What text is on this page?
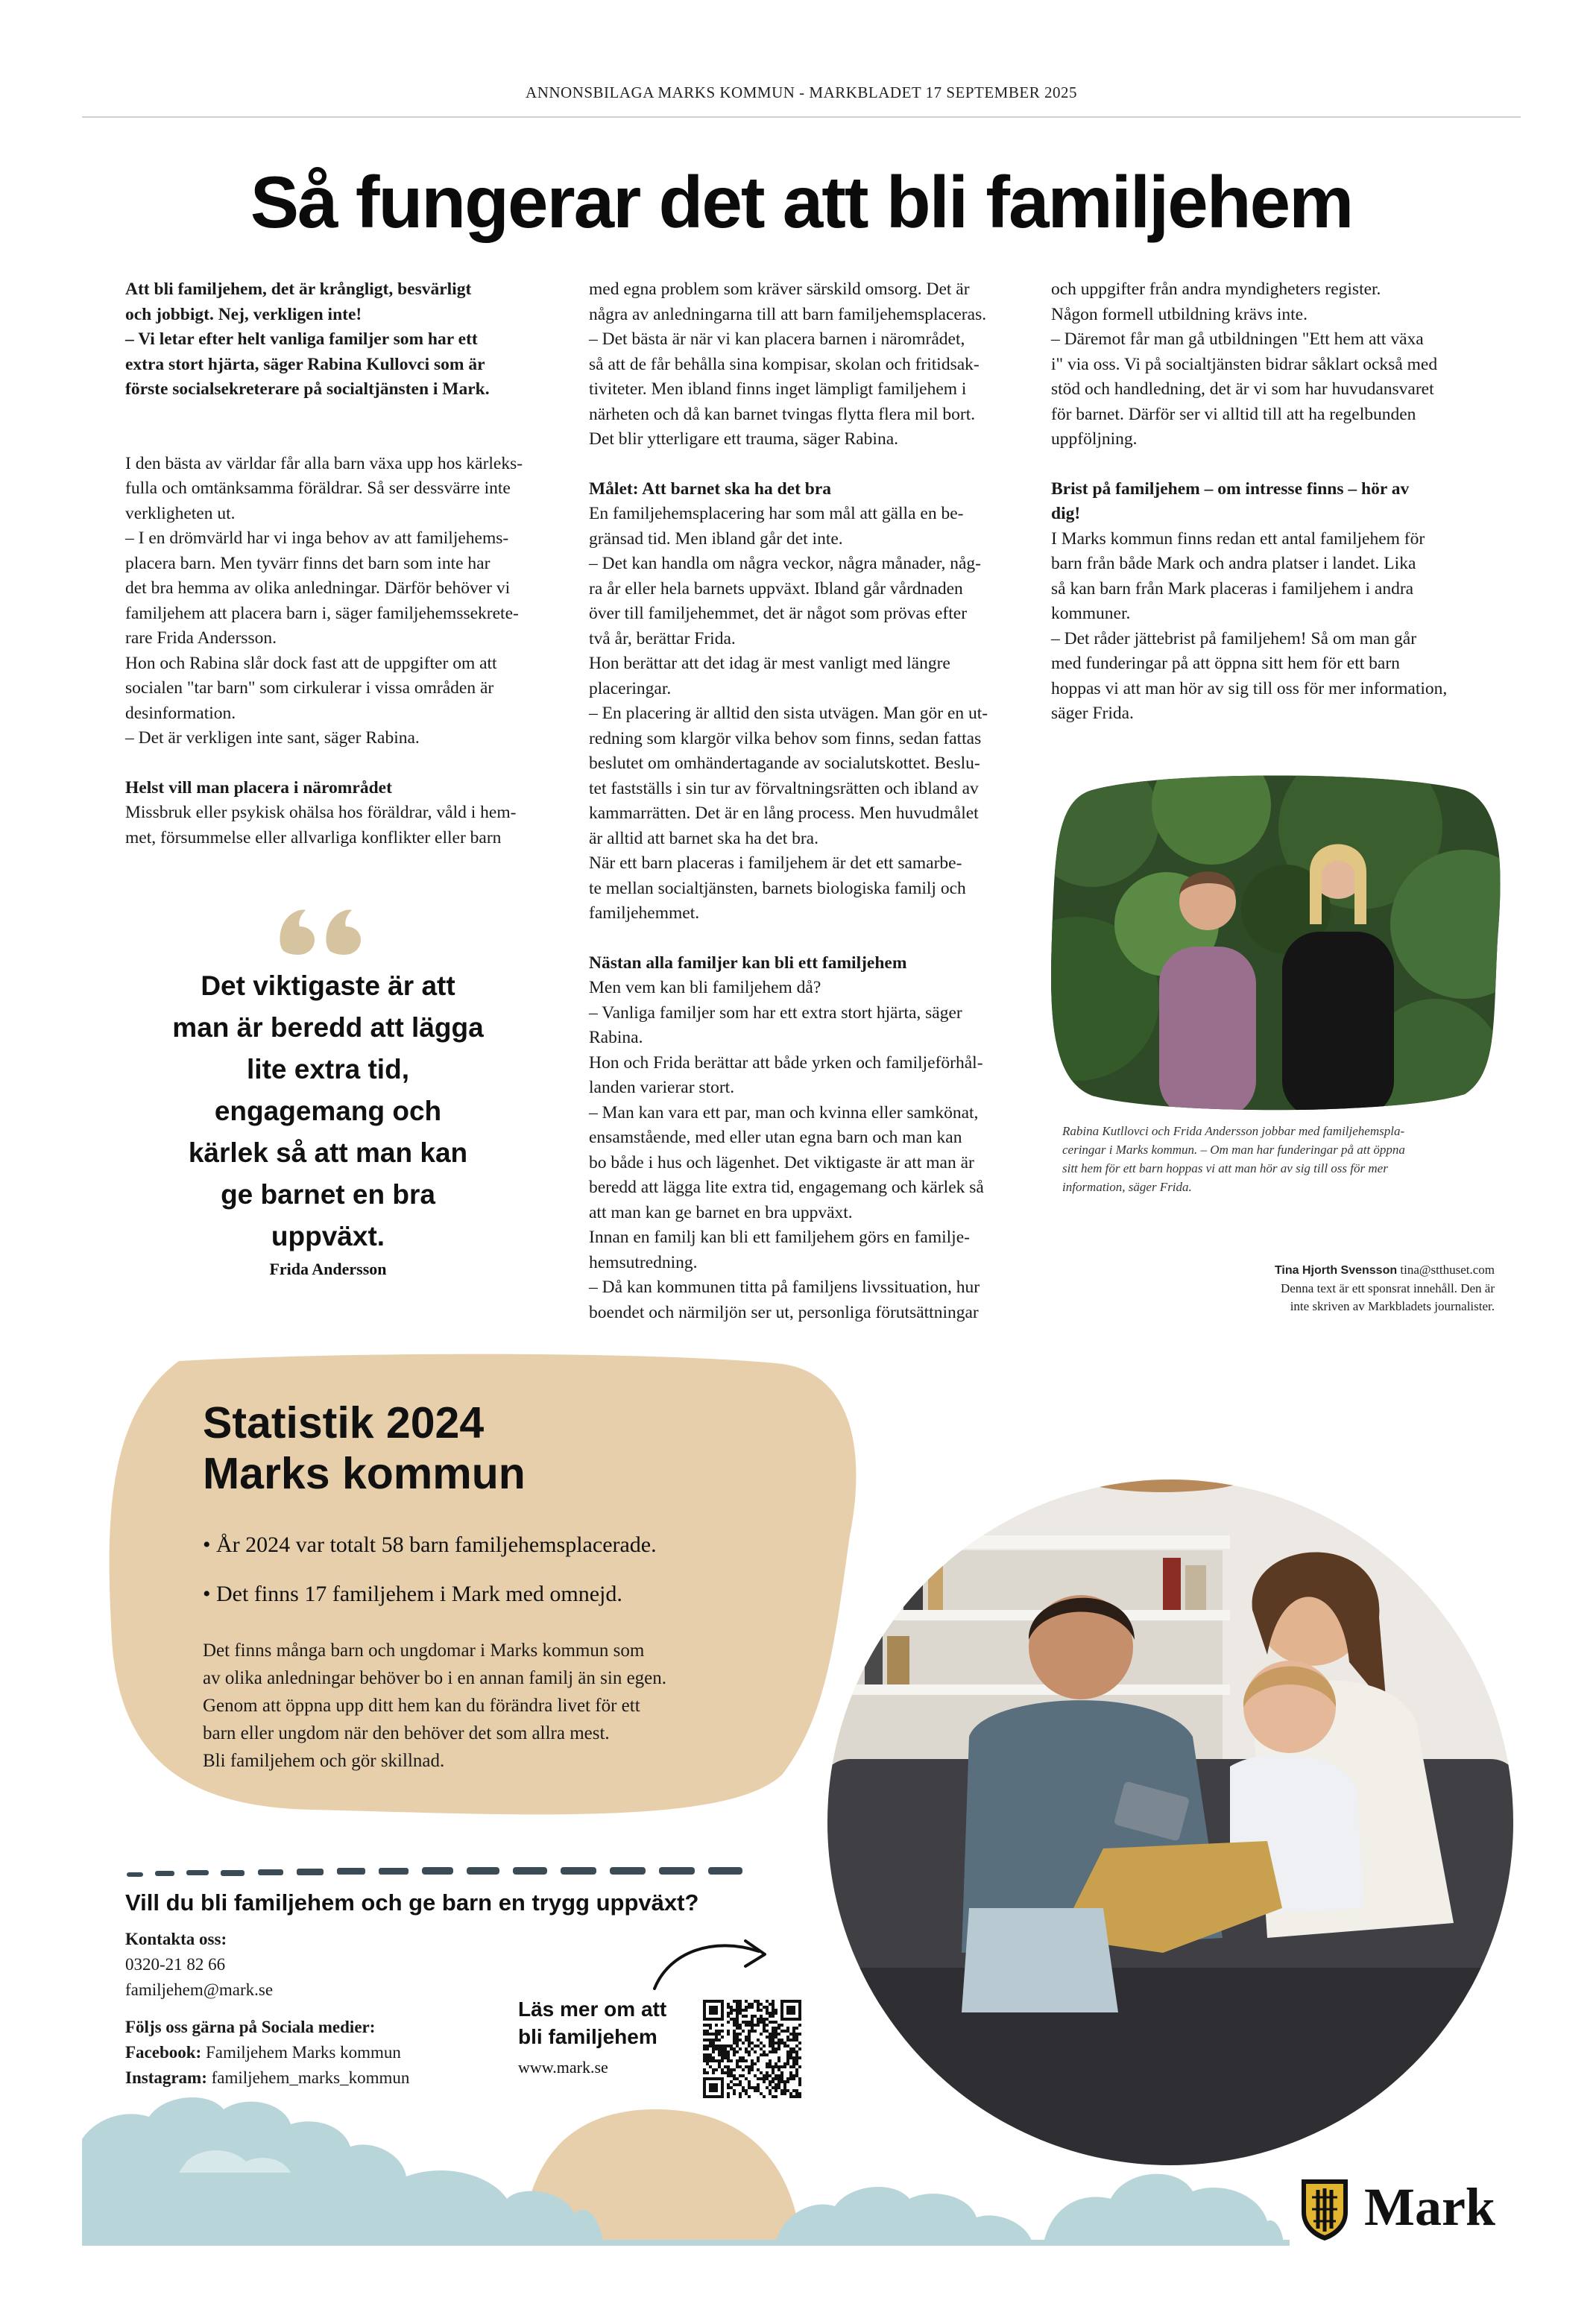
ANNONSBILAGA MARKS KOMMUN - MARKBLADET 17 SEPTEMBER 2025
Så fungerar det att bli familjehem
Att bli familjehem, det är krångligt, besvärligt
och jobbigt. Nej, verkligen inte!
– Vi letar efter helt vanliga familjer som har ett
extra stort hjärta, säger Rabina Kullovci som är
förste socialsekreterare på socialtjänsten i Mark.
I den bästa av världar får alla barn växa upp hos kärleks-
fulla och omtänksamma föräldrar. Så ser dessvärre inte
verkligheten ut.
– I en drömvärld har vi inga behov av att familjehems-
placera barn. Men tyvärr finns det barn som inte har
det bra hemma av olika anledningar. Därför behöver vi
familjehem att placera barn i, säger familjehemssekrete-
rare Frida Andersson.
Hon och Rabina slår dock fast att de uppgifter om att
socialen "tar barn" som cirkulerar i vissa områden är
desinformation.
– Det är verkligen inte sant, säger Rabina.

Helst vill man placera i närområdet

Missbruk eller psykisk ohälsa hos föräldrar, våld i hem-
met, försummelse eller allvarliga konflikter eller barn
Det viktigaste är att man är beredd att lägga lite extra tid, engagemang och kärlek så att man kan ge barnet en bra uppväxt.
Frida Andersson
med egna problem som kräver särskild omsorg. Det är
några av anledningarna till att barn familjehemsplaceras.
– Det bästa är när vi kan placera barnen i närområdet,
så att de får behålla sina kompisar, skolan och fritidsak-
tiviteter. Men ibland finns inget lämpligt familjehem i
närheten och då kan barnet tvingas flytta flera mil bort.
Det blir ytterligare ett trauma, säger Rabina.

Målet: Att barnet ska ha det bra

En familjehemsplacering har som mål att gälla en be-
gränsad tid. Men ibland går det inte.
– Det kan handla om några veckor, några månader, någ-
ra år eller hela barnets uppväxt. Ibland går vårdnaden
över till familjehemmet, det är något som prövas efter
två år, berättar Frida.
Hon berättar att det idag är mest vanligt med längre
placeringar.
– En placering är alltid den sista utvägen. Man gör en ut-
redning som klargör vilka behov som finns, sedan fattas
beslutet om omhändertagande av socialutskottet. Beslu-
tet fastställs i sin tur av förvaltningsrätten och ibland av
kammarrätten. Det är en lång process. Men huvudmålet
är alltid att barnet ska ha det bra.
När ett barn placeras i familjehem är det ett samarbe-
te mellan socialtjänsten, barnets biologiska familj och
familjehemmet.

Nästan alla familjer kan bli ett familjehem

Men vem kan bli familjehem då?
– Vanliga familjer som har ett extra stort hjärta, säger
Rabina.
Hon och Frida berättar att både yrken och familjeförhål-
landen varierar stort.
– Man kan vara ett par, man och kvinna eller samkönat,
ensamstående, med eller utan egna barn och man kan
bo både i hus och lägenhet. Det viktigaste är att man är
beredd att lägga lite extra tid, engagemang och kärlek så
att man kan ge barnet en bra uppväxt.
Innan en familj kan bli ett familjehem görs en familje-
hemsutredning.
– Då kan kommunen titta på familjens livssituation, hur
boendet och närmiljön ser ut, personliga förutsättningar
och uppgifter från andra myndigheters register.
Någon formell utbildning krävs inte.
– Däremot får man gå utbildningen "Ett hem att växa
i" via oss. Vi på socialtjänsten bidrar såklart också med
stöd och handledning, det är vi som har huvudansvaret
för barnet. Därför ser vi alltid till att ha regelbunden
uppföljning.
Brist på familjehem – om intresse finns – hör av
dig!
I Marks kommun finns redan ett antal familjehem för
barn från både Mark och andra platser i landet. Lika
så kan barn från Mark placeras i familjehem i andra
kommuner.
– Det råder jättebrist på familjehem! Så om man går
med funderingar på att öppna sitt hem för ett barn
hoppas vi att man hör av sig till oss för mer information,
säger Frida.
Rabina Kutllovci och Frida Andersson jobbar med familjehemspla-
ceringar i Marks kommun. – Om man har funderingar på att öppna
sitt hem för ett barn hoppas vi att man hör av sig till oss för mer
information, säger Frida.
Tina Hjorth Svensson tina@stthuset.com
Denna text är ett sponsrat innehåll. Den är
inte skriven av Markbladets journalister.
Statistik 2024
Marks kommun
• År 2024 var totalt 58 barn familjehemsplacerade.
• Det finns 17 familjehem i Mark med omnejd.
Det finns många barn och ungdomar i Marks kommun som
av olika anledningar behöver bo i en annan familj än sin egen.
Genom att öppna upp ditt hem kan du förändra livet för ett
barn eller ungdom när den behöver det som allra mest.
Bli familjehem och gör skillnad.
Vill du bli familjehem och ge barn en trygg uppväxt?
Kontakta oss:
0320-21 82 66
familjehem@mark.se
Följs oss gärna på Sociala medier:
Facebook: Familjehem Marks kommun
Instagram: familjehem_marks_kommun
Läs mer om att
bli familjehem
www.mark.se
Mark
